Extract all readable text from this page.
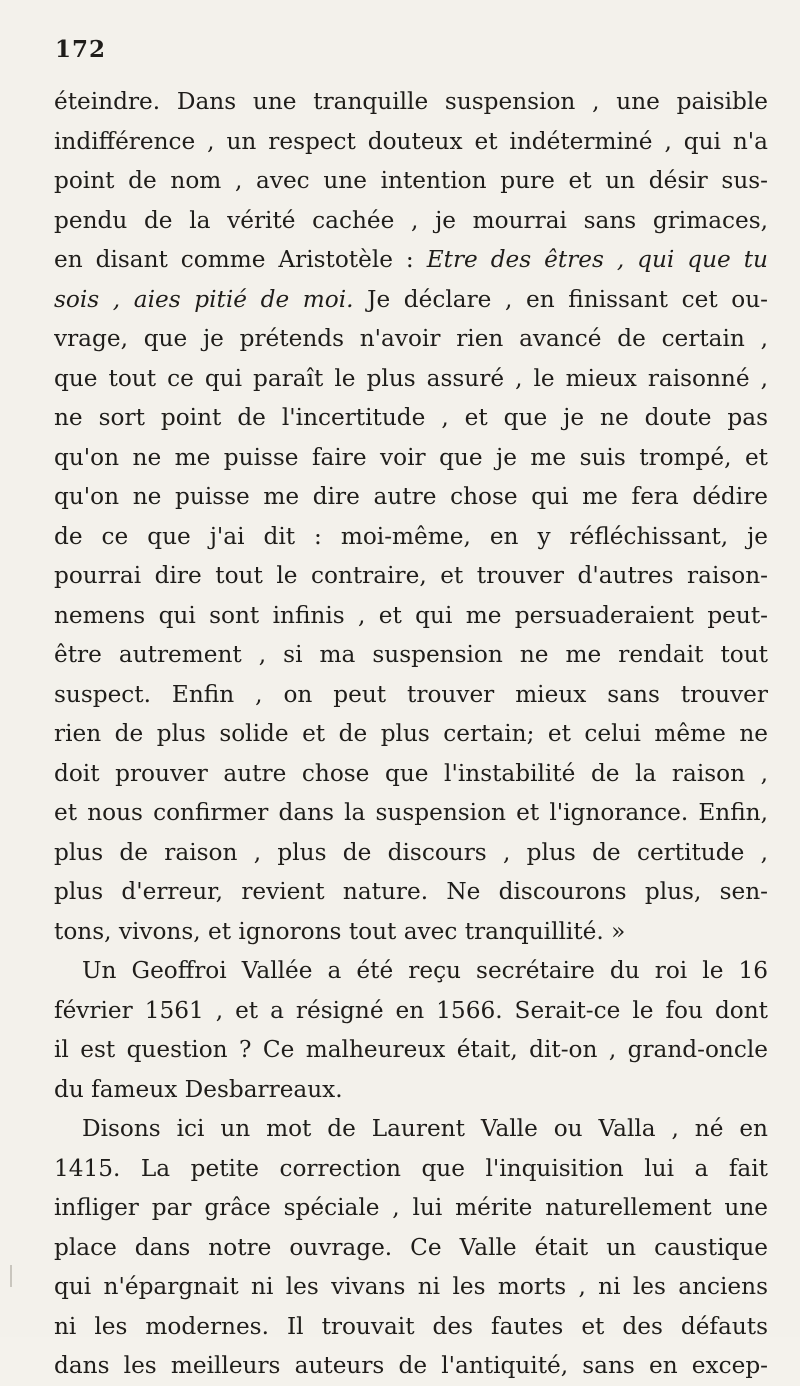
172
éteindre. Dans une tranquille suspension , une paisible
indifférence , un respect douteux et indéterminé , qui n'a
point de nom , avec une intention pure et un désir sus-
pendu de la vérité cachée , je mourrai sans grimaces,
en disant comme Aristotèle : Etre des êtres , qui que tu
sois , aies pitié de moi. Je déclare , en finissant cet ou-
vrage, que je prétends n'avoir rien avancé de certain ,
que tout ce qui paraît le plus assuré , le mieux raisonné ,
ne sort point de l'incertitude , et que je ne doute pas
qu'on ne me puisse faire voir que je me suis trompé, et
qu'on ne puisse me dire autre chose qui me fera dédire
de ce que j'ai dit : moi-même, en y réfléchissant, je
pourrai dire tout le contraire, et trouver d'autres raison-
nemens qui sont infinis , et qui me persuaderaient peut-
être autrement , si ma suspension ne me rendait tout
suspect. Enfin , on peut trouver mieux sans trouver
rien de plus solide et de plus certain; et celui même ne
doit prouver autre chose que l'instabilité de la raison ,
et nous confirmer dans la suspension et l'ignorance. Enfin,
plus de raison , plus de discours , plus de certitude ,
plus d'erreur, revient nature. Ne discourons plus, sen-
tons, vivons, et ignorons tout avec tranquillité. »
Un Geoffroi Vallée a été reçu secrétaire du roi le 16
février 1561 , et a résigné en 1566. Serait-ce le fou dont
il est question ? Ce malheureux était, dit-on , grand-oncle
du fameux Desbarreaux.
Disons ici un mot de Laurent Valle ou Valla , né en
1415. La petite correction que l'inquisition lui a fait
infliger par grâce spéciale , lui mérite naturellement une
place dans notre ouvrage. Ce Valle était un caustique
qui n'épargnait ni les vivans ni les morts , ni les anciens
ni les modernes. Il trouvait des fautes et des défauts
dans les meilleurs auteurs de l'antiquité, sans en excep-
